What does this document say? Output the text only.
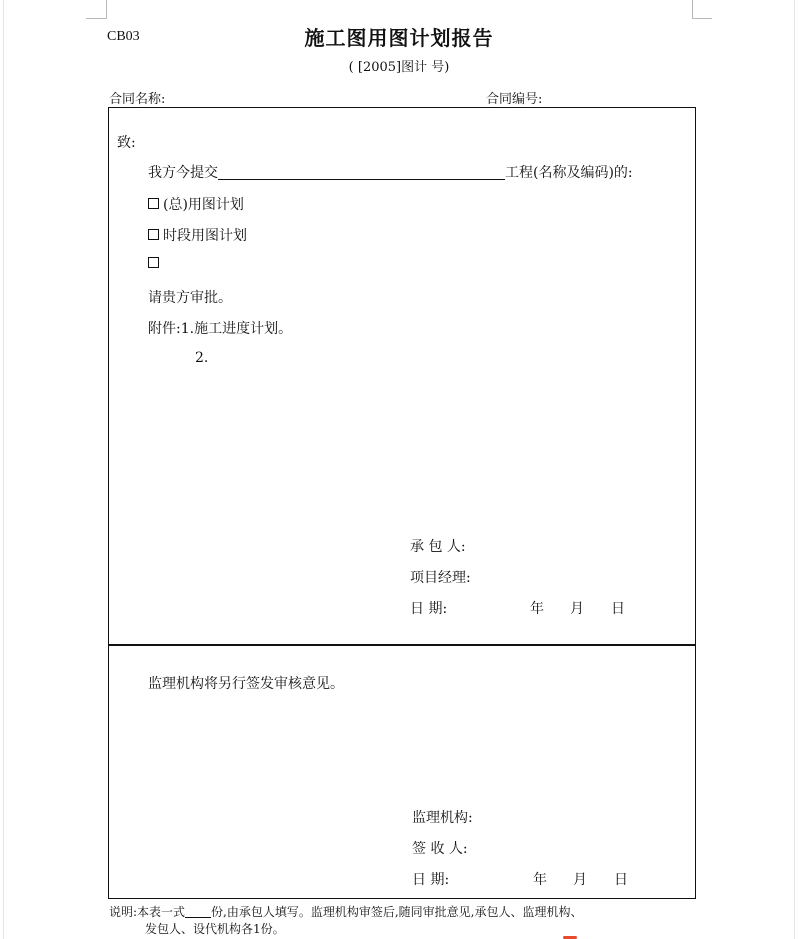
CB03	施工图用图计划报告
( [2005]图计 号)
合同名称:	合同编号:
致:
我方今提交	工程(名称及编码)的:
(总)用图计划
时段用图计划
请贵方审批。
附件:1.施工进度计划。
2.
承 包 人:
项目经理:
日 期:	年 月 日
监理机构将另行签发审核意见。
监理机构:
签 收 人:
日 期:	年 月 日
说明:本表一式 份,由承包人填写。监理机构审签后,随同审批意见,承包人、监理机构、
发包人、设代机构各1份。
